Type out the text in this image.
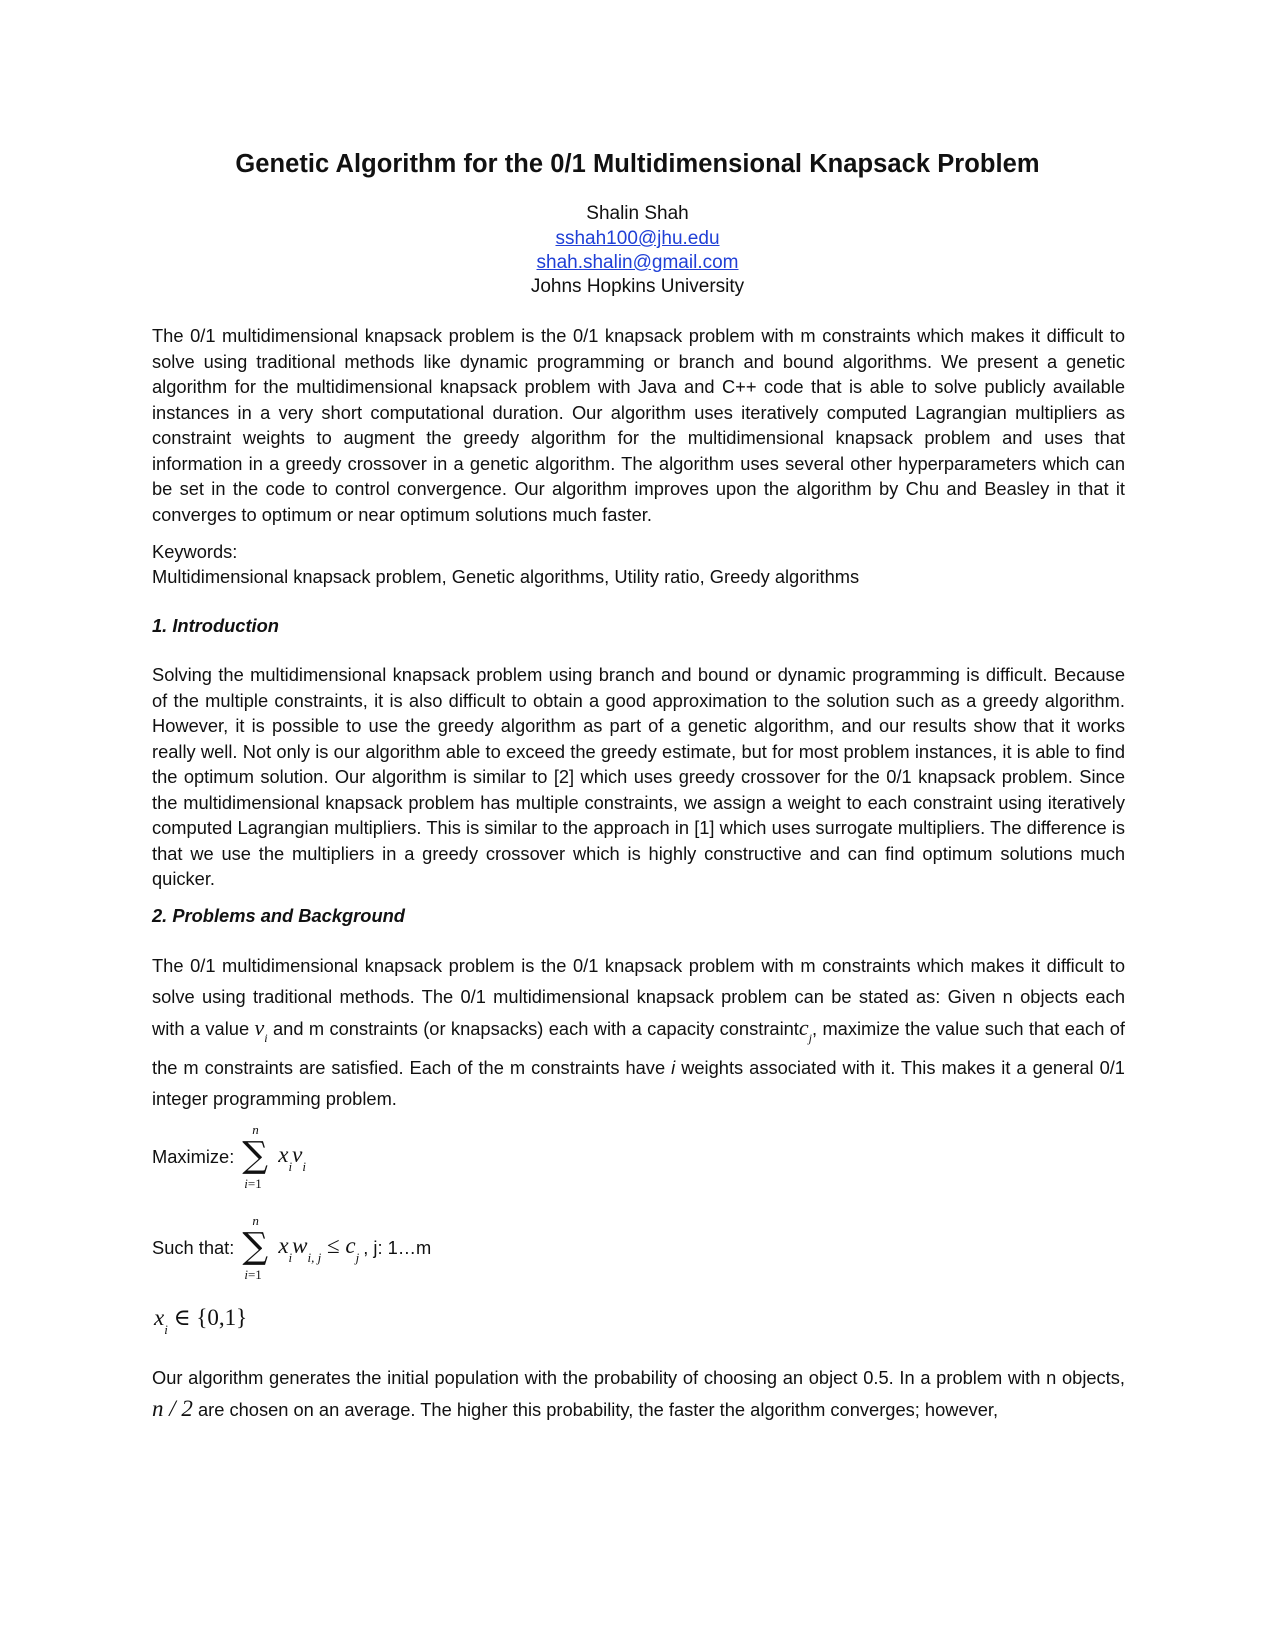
Genetic Algorithm for the 0/1 Multidimensional Knapsack Problem
Shalin Shah
sshah100@jhu.edu
shah.shalin@gmail.com
Johns Hopkins University

The 0/1 multidimensional knapsack problem is the 0/1 knapsack problem with m constraints which makes it difficult to solve using traditional methods like dynamic programming or branch and bound algorithms. We present a genetic algorithm for the multidimensional knapsack problem with Java and C++ code that is able to solve publicly available instances in a very short computational duration. Our algorithm uses iteratively computed Lagrangian multipliers as constraint weights to augment the greedy algorithm for the multidimensional knapsack problem and uses that information in a greedy crossover in a genetic algorithm. The algorithm uses several other hyperparameters which can be set in the code to control convergence. Our algorithm improves upon the algorithm by Chu and Beasley in that it converges to optimum or near optimum solutions much faster.

Keywords:
Multidimensional knapsack problem, Genetic algorithms, Utility ratio, Greedy algorithms
1. Introduction

Solving the multidimensional knapsack problem using branch and bound or dynamic programming is difficult. Because of the multiple constraints, it is also difficult to obtain a good approximation to the solution such as a greedy algorithm. However, it is possible to use the greedy algorithm as part of a genetic algorithm, and our results show that it works really well. Not only is our algorithm able to exceed the greedy estimate, but for most problem instances, it is able to find the optimum solution. Our algorithm is similar to [2] which uses greedy crossover for the 0/1 knapsack problem. Since the multidimensional knapsack problem has multiple constraints, we assign a weight to each constraint using iteratively computed Lagrangian multipliers. This is similar to the approach in [1] which uses surrogate multipliers. The difference is that we use the multipliers in a greedy crossover which is highly constructive and can find optimum solutions much quicker.

2. Problems and Background

The 0/1 multidimensional knapsack problem is the 0/1 knapsack problem with m constraints which makes it difficult to solve using traditional methods. The 0/1 multidimensional knapsack problem can be stated as: Given n objects each with a value $v_i$ and m constraints (or knapsacks) each with a capacity constraintc$_j$, maximize the value such that each of the m constraints are satisfied. Each of the m constraints have i weights associated with it. This makes it a general 0/1 integer programming problem.

Maximize:
n
∑
i=1
$x_iv_i$
Such that:
n
∑
i=1
$x_iw_{i, j} \le c_j$ , j: 1…m
$x_i$ ∈ {0,1}

Our algorithm generates the initial population with the probability of choosing an object 0.5. In a problem with n objects, n / 2 are chosen on an average. The higher this probability, the faster the algorithm converges; however,
